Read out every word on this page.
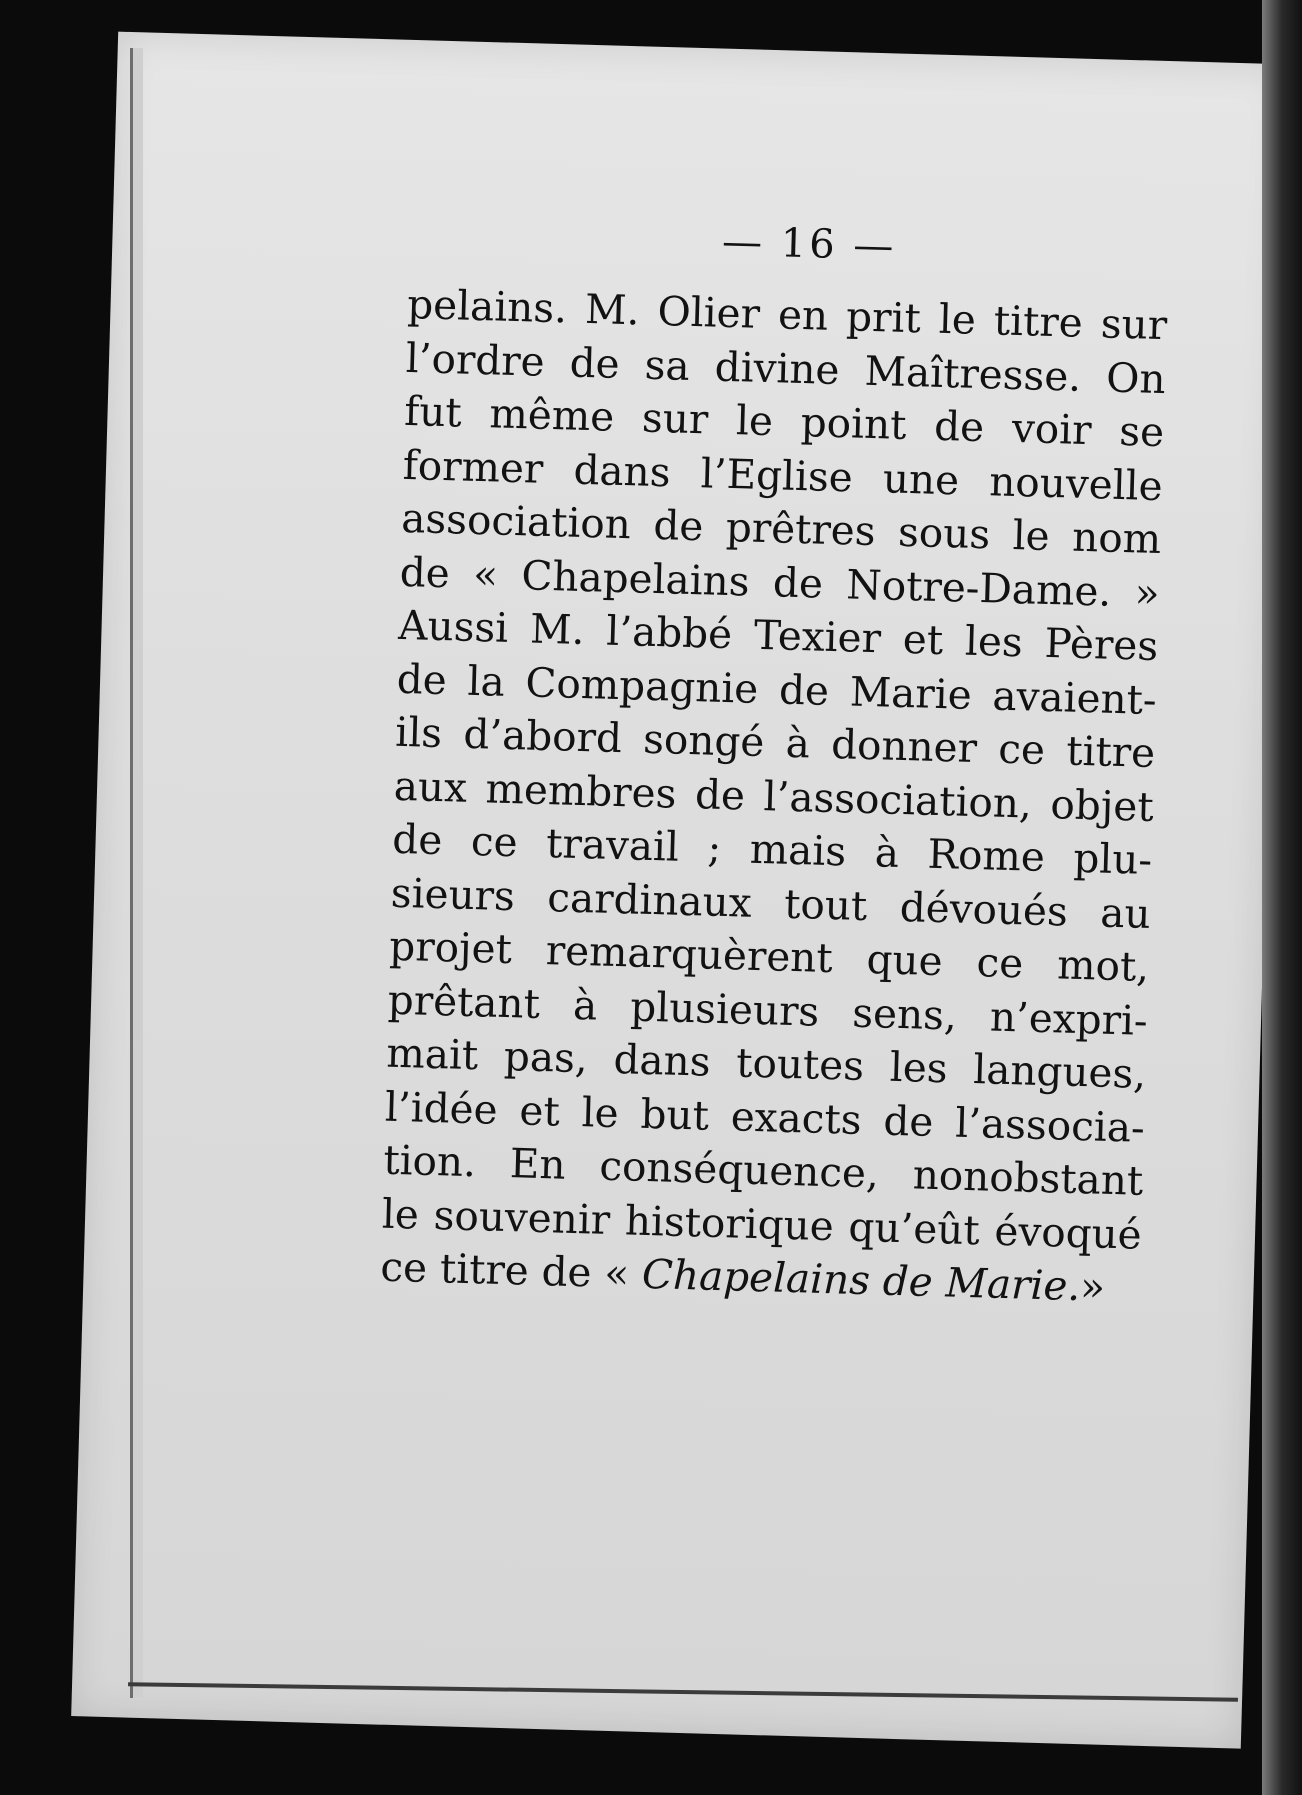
— 16 —
pelains. M. Olier en prit le titre sur
l’ordre de sa divine Maîtresse. On
fut même sur le point de voir se
former dans l’Eglise une nouvelle
association de prêtres sous le nom
de « Chapelains de Notre-Dame. »
Aussi M. l’abbé Texier et les Pères
de la Compagnie de Marie avaient-
ils d’abord songé à donner ce titre
aux membres de l’association, objet
de ce travail ; mais à Rome plu-
sieurs cardinaux tout dévoués au
projet remarquèrent que ce mot,
prêtant à plusieurs sens, n’expri-
mait pas, dans toutes les langues,
l’idée et le but exacts de l’associa-
tion. En conséquence, nonobstant
le souvenir historique qu’eût évoqué
ce titre de « Chapelains de Marie.»
